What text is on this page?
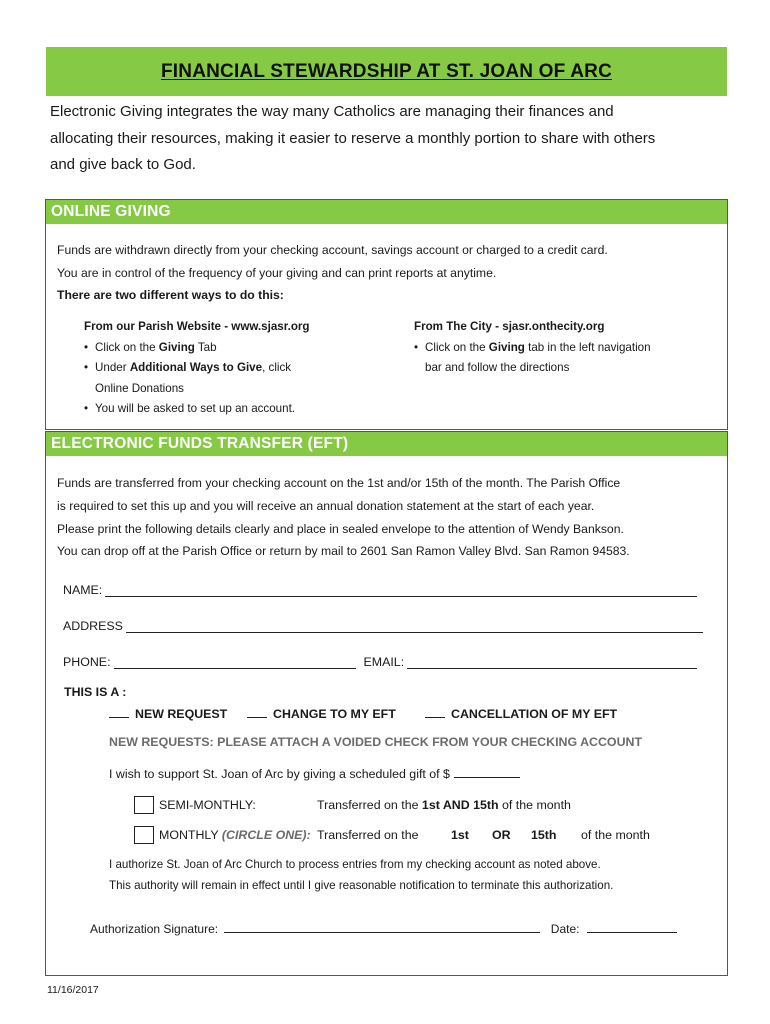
FINANCIAL STEWARDSHIP AT ST. JOAN OF ARC
Electronic Giving integrates the way many Catholics are managing their finances and
allocating their resources, making it easier to reserve a monthly portion to share with others
and give back to God.
ONLINE GIVING
Funds are withdrawn directly from your checking account, savings account or charged to a credit card.
You are in control of the frequency of your giving and can print reports at anytime.
There are two different ways to do this:
From our Parish Website - www.sjasr.org
• Click on the Giving Tab
• Under Additional Ways to Give, click
Online Donations
• You will be asked to set up an account.
From The City - sjasr.onthecity.org
• Click on the Giving tab in the left navigation
bar and follow the directions
ELECTRONIC FUNDS TRANSFER (EFT)
Funds are transferred from your checking account on the 1st and/or 15th of the month. The Parish Office
is required to set this up and you will receive an annual donation statement at the start of each year.
Please print the following details clearly and place in sealed envelope to the attention of Wendy Bankson.
You can drop off at the Parish Office or return by mail to 2601 San Ramon Valley Blvd. San Ramon 94583.
NAME:
ADDRESS
PHONE:	EMAIL:
THIS IS A :
NEW REQUEST	CHANGE TO MY EFT	CANCELLATION OF MY EFT
NEW REQUESTS: PLEASE ATTACH A VOIDED CHECK FROM YOUR CHECKING ACCOUNT
I wish to support St. Joan of Arc by giving a scheduled gift of $
SEMI-MONTHLY:	Transferred on the 1st AND 15th of the month
MONTHLY (CIRCLE ONE): Transferred on the	1st OR 15th of the month
I authorize St. Joan of Arc Church to process entries from my checking account as noted above.
This authority will remain in effect until I give reasonable notification to terminate this authorization.
Authorization Signature:	Date:
11/16/2017
